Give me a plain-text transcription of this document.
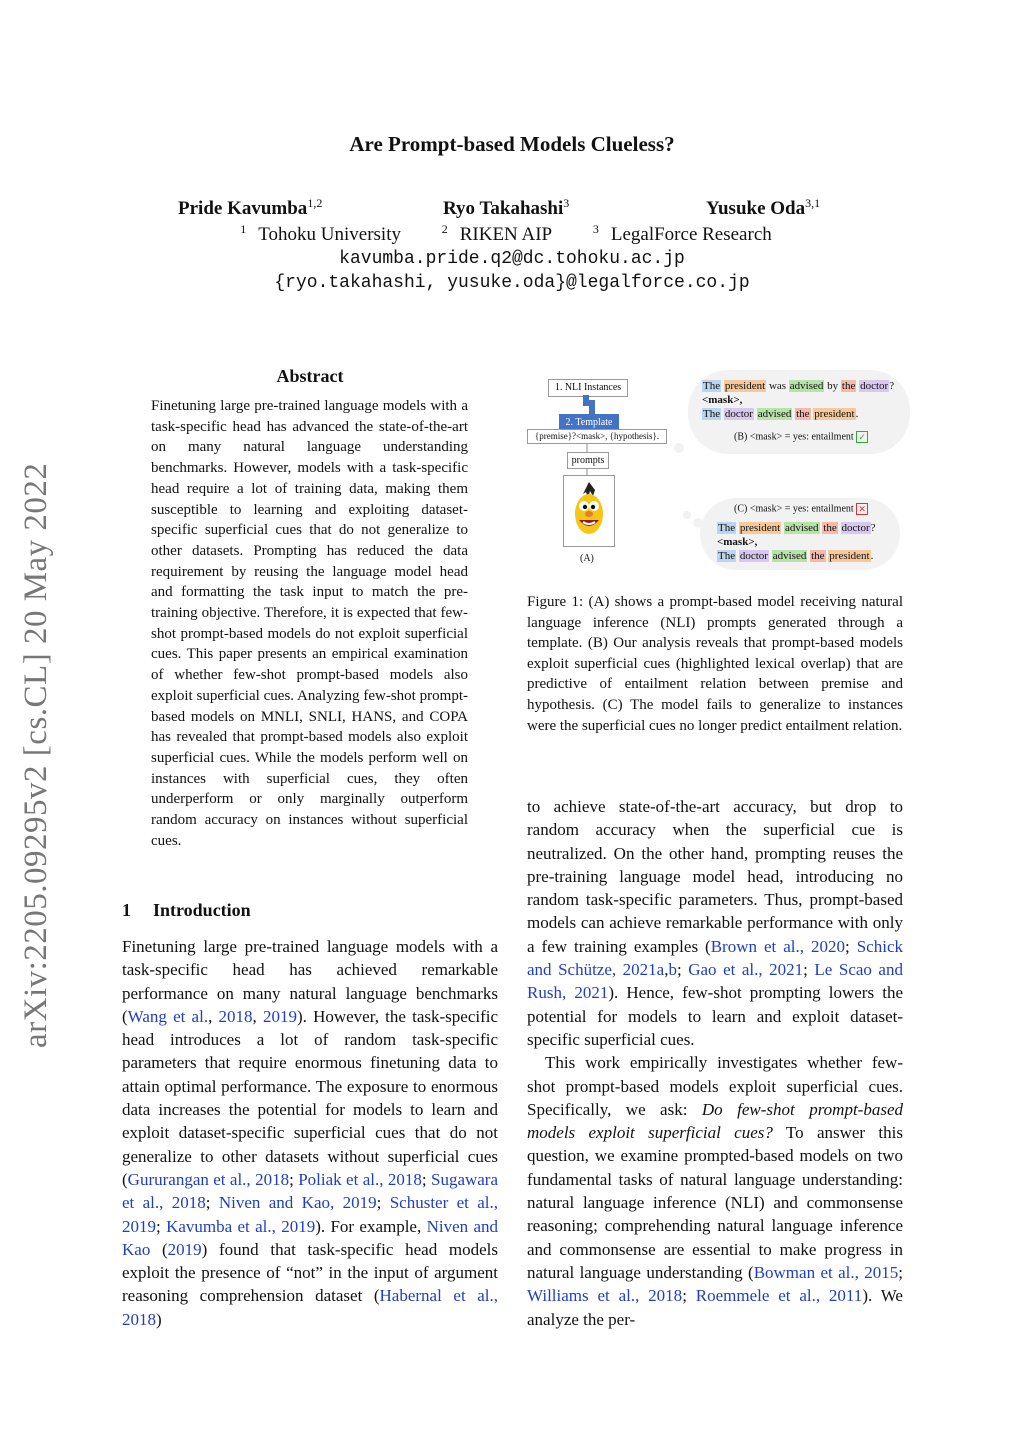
arXiv:2205.09295v2 [cs.CL] 20 May 2022
Are Prompt-based Models Clueless?
Pride Kavumba$^{1,2}$	Ryo Takahashi$^3$	Yusuke Oda$^{3,1}$
$^1$ Tohoku University	$^2$ RIKEN AIP	$^3$ LegalForce Research
kavumba.pride.q2@dc.tohoku.ac.jp
{ryo.takahashi, yusuke.oda}@legalforce.co.jp
Abstract
Finetuning large pre-trained language models with a task-specific head has advanced the state-of-the-art on many natural language understanding benchmarks. However, models with a task-specific head require a lot of training data, making them susceptible to learning and exploiting dataset-specific superficial cues that do not generalize to other datasets. Prompting has reduced the data requirement by reusing the language model head and formatting the task input to match the pre-training objective. Therefore, it is expected that few-shot prompt-based models do not exploit superficial cues. This paper presents an empirical examination of whether few-shot prompt-based models also exploit superficial cues. Analyzing few-shot prompt-based models on MNLI, SNLI, HANS, and COPA has revealed that prompt-based models also exploit superficial cues. While the models perform well on instances with superficial cues, they often underperform or only marginally outperform random accuracy on instances without superficial cues.
1 Introduction

Finetuning large pre-trained language models with a task-specific head has achieved remarkable performance on many natural language benchmarks (Wang et al., 2018, 2019). However, the task-specific head introduces a lot of random task-specific parameters that require enormous finetuning data to attain optimal performance. The exposure to enormous data increases the potential for models to learn and exploit dataset-specific superficial cues that do not generalize to other datasets without superficial cues (Gururangan et al., 2018; Poliak et al., 2018; Sugawara et al., 2018; Niven and Kao, 2019; Schuster et al., 2019; Kavumba et al., 2019). For example, Niven and Kao (2019) found that task-specific head models exploit the presence of “not” in the input of argument reasoning comprehension dataset (Habernal et al., 2018)

1. NLI Instances
2. Template
{premise}?<mask>, {hypothesis}.
prompts
(A)
The president was advised by the doctor?
<mask>,
The doctor advised the president.
(B) <mask> = yes: entailment ✓
(C) <mask> = yes: entailment ✕
The president advised the doctor?
<mask>,
The doctor advised the president.
Figure 1: (A) shows a prompt-based model receiving natural language inference (NLI) prompts generated through a template. (B) Our analysis reveals that prompt-based models exploit superficial cues (highlighted lexical overlap) that are predictive of entailment relation between premise and hypothesis. (C) The model fails to generalize to instances were the superficial cues no longer predict entailment relation.

to achieve state-of-the-art accuracy, but drop to random accuracy when the superficial cue is neutralized. On the other hand, prompting reuses the pre-training language model head, introducing no random task-specific parameters. Thus, prompt-based models can achieve remarkable performance with only a few training examples (Brown et al., 2020; Schick and Schütze, 2021a,b; Gao et al., 2021; Le Scao and Rush, 2021). Hence, few-shot prompting lowers the potential for models to learn and exploit dataset-specific superficial cues.

This work empirically investigates whether few-shot prompt-based models exploit superficial cues. Specifically, we ask: Do few-shot prompt-based models exploit superficial cues? To answer this question, we examine prompted-based models on two fundamental tasks of natural language understanding: natural language inference (NLI) and commonsense reasoning; comprehending natural language inference and commonsense are essential to make progress in natural language understanding (Bowman et al., 2015; Williams et al., 2018; Roemmele et al., 2011). We analyze the per-
